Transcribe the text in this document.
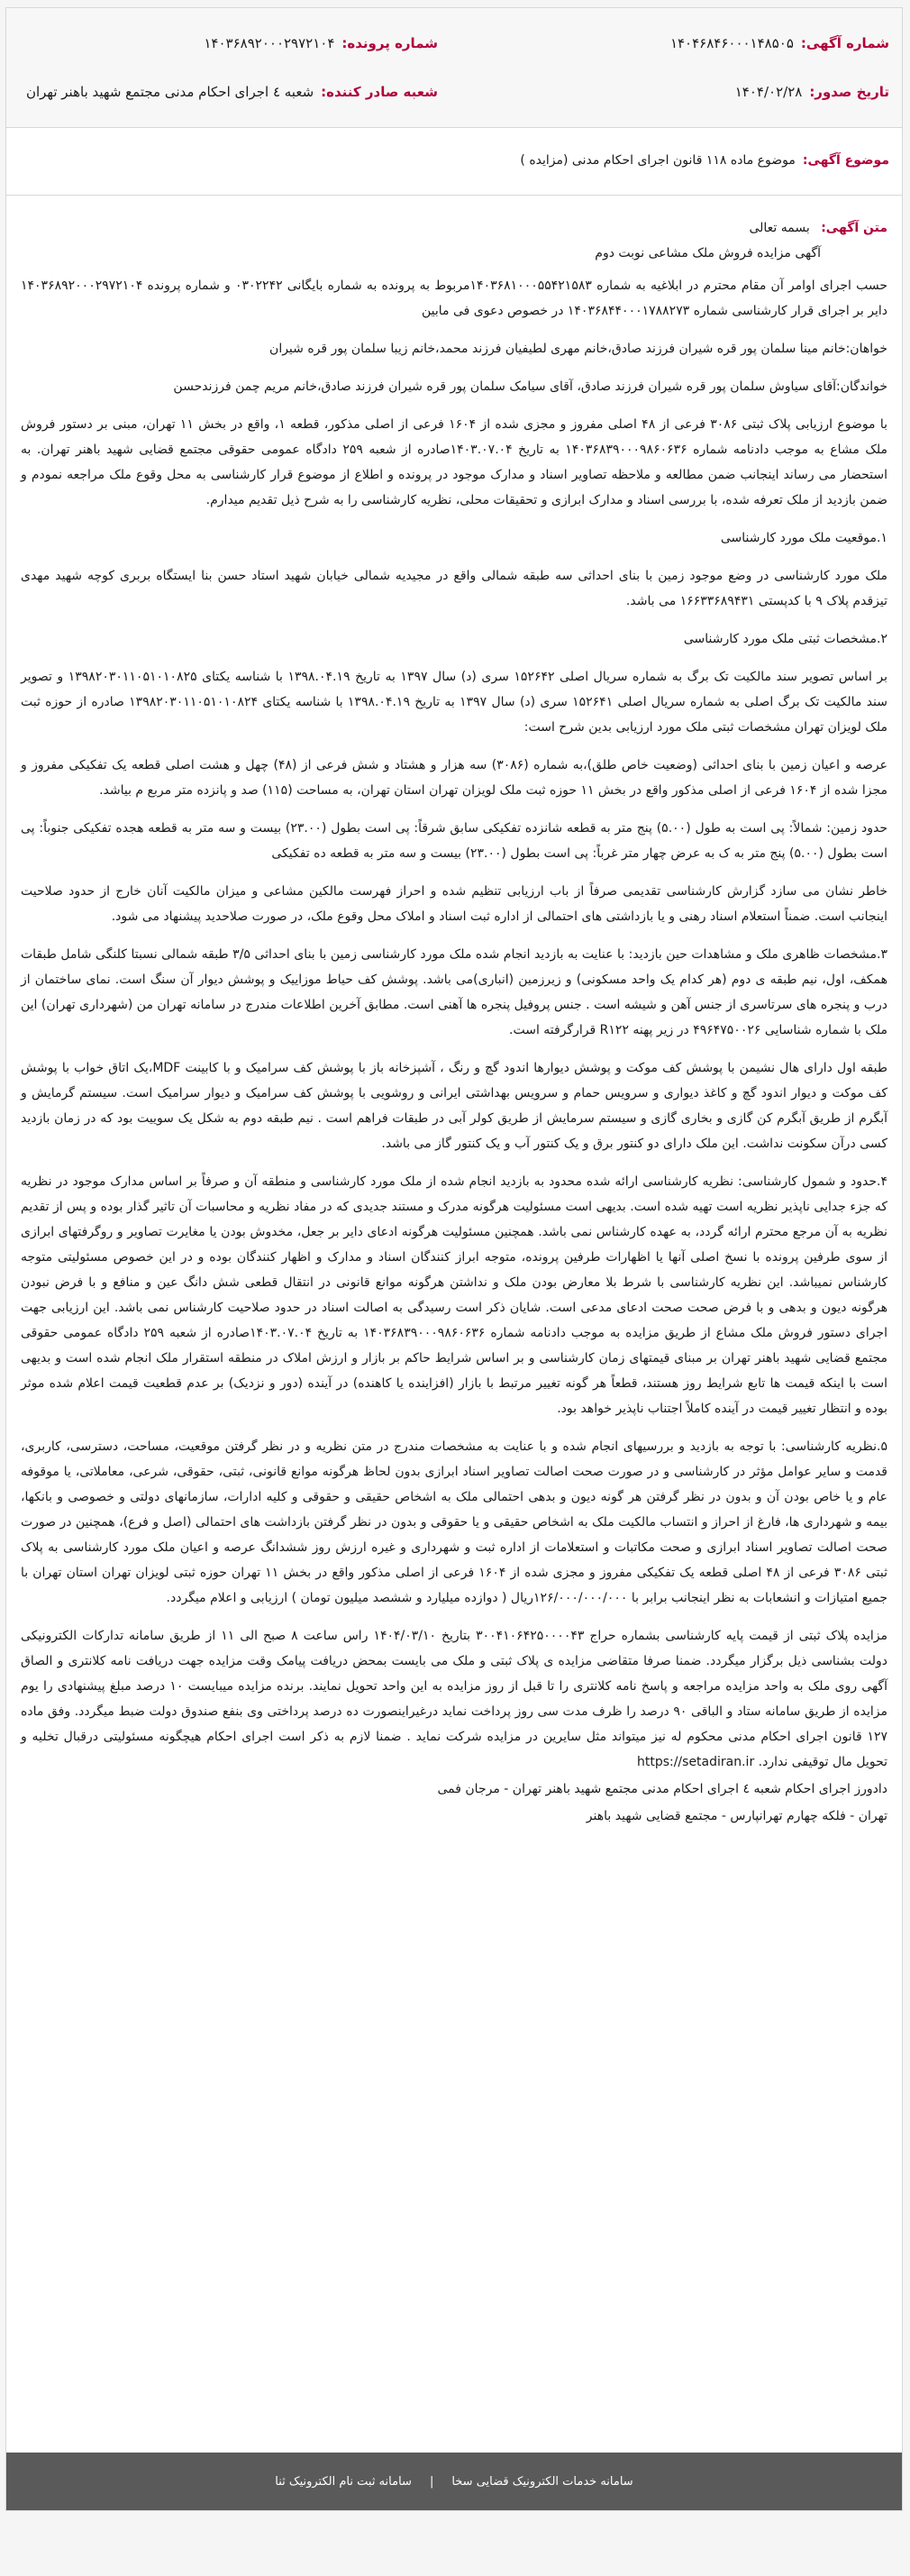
شماره آگهی:
۱۴۰۴۶۸۴۶۰۰۰۱۴۸۵۰۵
شماره پرونده:
۱۴۰۳۶۸۹۲۰۰۰۲۹۷۲۱۰۴
تاریخ صدور:
۱۴۰۴/۰۲/۲۸
شعبه صادر کننده:
شعبه ٤ اجرای احکام مدنی مجتمع شهید باهنر تهران
موضوع آگهی:
موضوع ماده ۱۱۸ قانون اجرای احکام مدنی (مزایده )

متن آگهی: بسمه تعالی

آگهی مزایده فروش ملک مشاعی نوبت دوم

حسب اجرای اوامر آن مقام محترم در ابلاغیه به شماره ۱۴۰۳۶۸۱۰۰۰۵۵۴۲۱۵۸۳مربوط به پرونده به شماره بایگانی ۰۳۰۲۲۴۲ و شماره پرونده ۱۴۰۳۶۸۹۲۰۰۰۲۹۷۲۱۰۴ دایر بر اجرای قرار کارشناسی شماره ۱۴۰۳۶۸۴۴۰۰۰۱۷۸۸۲۷۳ در خصوص دعوی فی مابین

خواهان:خانم مینا سلمان پور قره شیران فرزند صادق،خانم مهری لطیفیان فرزند محمد،خانم زیبا سلمان پور قره شیران

خواندگان:آقای سیاوش سلمان پور قره شیران فرزند صادق، آقای سیامک سلمان پور قره شیران فرزند صادق،خانم مریم چمن فرزندحسن

با موضوع ارزیابی پلاک ثبتی ۳۰۸۶ فرعی از ۴۸ اصلی مفروز و مجزی شده از ۱۶۰۴ فرعی از اصلی مذکور، قطعه ۱، واقع در بخش ۱۱ تهران، مبنی بر دستور فروش ملک مشاع به موجب دادنامه شماره ۱۴۰۳۶۸۳۹۰۰۰۹۸۶۰۶۳۶ به تاریخ ۱۴۰۳.۰۷.۰۴صادره از شعبه ۲۵۹ دادگاه عمومی حقوقی مجتمع قضایی شهید باهنر تهران. به استحضار می رساند اینجانب ضمن مطالعه و ملاحظه تصاویر اسناد و مدارک موجود در پرونده و اطلاع از موضوع قرار کارشناسی به محل وقوع ملک مراجعه نمودم و ضمن بازدید از ملک تعرفه شده، با بررسی اسناد و مدارک ابرازی و تحقیقات محلی، نظریه کارشناسی را به شرح ذیل تقدیم میدارم.

۱.موقعیت ملک مورد کارشناسی

ملک مورد کارشناسی در وضع موجود زمین با بنای احداثی سه طبقه شمالی واقع در مجیدیه شمالی خیابان شهید استاد حسن بنا ایستگاه بربری کوچه شهید مهدی تیزقدم پلاک ۹ با کدپستی ۱۶۶۳۳۶۸۹۴۳۱ می باشد.

۲.مشخصات ثبتی ملک مورد کارشناسی

بر اساس تصویر سند مالکیت تک برگ به شماره سریال اصلی ۱۵۲۶۴۲ سری (د) سال ۱۳۹۷ به تاریخ ۱۳۹۸.۰۴.۱۹ با شناسه یکتای ۱۳۹۸۲۰۳۰۱۱۰۵۱۰۱۰۸۲۵ و تصویر سند مالکیت تک برگ اصلی به شماره سریال اصلی ۱۵۲۶۴۱ سری (د) سال ۱۳۹۷ به تاریخ ۱۳۹۸.۰۴.۱۹ با شناسه یکتای ۱۳۹۸۲۰۳۰۱۱۰۵۱۰۱۰۸۲۴ صادره از حوزه ثبت ملک لویزان تهران مشخصات ثبتی ملک مورد ارزیابی بدین شرح است:

عرصه و اعیان زمین با بنای احداثی (وضعیت خاص طلق)،به شماره (۳۰۸۶) سه هزار و هشتاد و شش فرعی از (۴۸) چهل و هشت اصلی قطعه یک تفکیکی مفروز و مجزا شده از ۱۶۰۴ فرعی از اصلی مذکور واقع در بخش ۱۱ حوزه ثبت ملک لویزان تهران استان تهران، به مساحت (۱۱۵) صد و پانزده متر مربع م بیاشد.

حدود زمین: شمالاً: پی است به طول (۵.۰۰) پنج متر به قطعه شانزده تفکیکی سابق شرقاً: پی است بطول (۲۳.۰۰) بیست و سه متر به قطعه هجده تفکیکی جنوباً: پی است بطول (۵.۰۰) پنج متر به ک به عرض چهار متر غرباً: پی است بطول (۲۳.۰۰) بیست و سه متر به قطعه ده تفکیکی

خاطر نشان می سازد گزارش کارشناسی تقدیمی صرفاً از باب ارزیابی تنظیم شده و احراز فهرست مالکین مشاعی و میزان مالکیت آنان خارج از حدود صلاحیت اینجانب است. ضمناً استعلام اسناد رهنی و یا بازداشتی های احتمالی از اداره ثبت اسناد و املاک محل وقوع ملک، در صورت صلاحدید پیشنهاد می شود.

۳.مشخصات ظاهری ملک و مشاهدات حین بازدید: با عنایت به بازدید انجام شده ملک مورد کارشناسی زمین با بنای احداثی ۳/۵ طبقه شمالی نسبتا کلنگی شامل طبقات همکف، اول، نیم طبقه ی دوم (هر کدام یک واحد مسکونی) و زیرزمین (انباری)می باشد. پوشش کف حیاط موزاییک و پوشش دیوار آن سنگ است. نمای ساختمان از درب و پنجره های سرتاسری از جنس آهن و شیشه است . جنس پروفیل پنجره ها آهنی است. مطابق آخرین اطلاعات مندرج در سامانه تهران من (شهرداری تهران) این ملک با شماره شناسایی ۴۹۶۴۷۵۰۰۲۶ در زیر پهنه R۱۲۲ قرارگرفته است.

طبقه اول دارای هال نشیمن با پوشش کف موکت و پوشش دیوارها اندود گچ و رنگ ، آشپزخانه باز با پوشش کف سرامیک و با کابینت MDF،یک اتاق خواب با پوشش کف موکت و دیوار اندود گچ و کاغذ دیواری و سرویس حمام و سرویس بهداشتی ایرانی و روشویی با پوشش کف سرامیک و دیوار سرامیک است. سیستم گرمایش و آبگرم از طریق آبگرم کن گازی و بخاری گازی و سیستم سرمایش از طریق کولر آبی در طبقات فراهم است . نیم طبقه دوم به شکل یک سوییت بود که در زمان بازدید کسی درآن سکونت نداشت. این ملک دارای دو کنتور برق و یک کنتور آب و یک کنتور گاز می باشد.

۴.حدود و شمول کارشناسی: نظریه کارشناسی ارائه شده محدود به بازدید انجام شده از ملک مورد کارشناسی و منطقه آن و صرفاً بر اساس مدارک موجود در نظریه که جزء جدایی ناپذیر نظریه است تهیه شده است. بدیهی است مسئولیت هرگونه مدرک و مستند جدیدی که در مفاد نظریه و محاسبات آن تاثیر گذار بوده و پس از تقدیم نظریه به آن مرجع محترم ارائه گردد، به عهده کارشناس نمی باشد. همچنین مسئولیت هرگونه ادعای دایر بر جعل، مخدوش بودن یا مغایرت تصاویر و روگرفتهای ابرازی از سوی طرفین پرونده با نسخ اصلی آنها یا اظهارات طرفین پرونده، متوجه ابراز کنندگان اسناد و مدارک و اظهار کنندگان بوده و در این خصوص مسئولیتی متوجه کارشناس نمیباشد. این نظریه کارشناسی با شرط بلا معارض بودن ملک و نداشتن هرگونه موانع قانونی در انتقال قطعی شش دانگ عین و منافع و با فرض نبودن هرگونه دیون و بدهی و با فرض صحت صحت ادعای مدعی است. شایان ذکر است رسیدگی به اصالت اسناد در حدود صلاحیت کارشناس نمی باشد. این ارزیابی جهت اجرای دستور فروش ملک مشاع از طریق مزایده به موجب دادنامه شماره ۱۴۰۳۶۸۳۹۰۰۰۹۸۶۰۶۳۶ به تاریخ ۱۴۰۳.۰۷.۰۴صادره از شعبه ۲۵۹ دادگاه عمومی حقوقی مجتمع قضایی شهید باهنر تهران بر مبنای قیمتهای زمان کارشناسی و بر اساس شرایط حاکم بر بازار و ارزش املاک در منطقه استقرار ملک انجام شده است و بدیهی است با اینکه قیمت ها تابع شرایط روز هستند، قطعاً هر گونه تغییر مرتبط با بازار (افزاینده یا کاهنده) در آینده (دور و نزدیک) بر عدم قطعیت قیمت اعلام شده موثر بوده و انتظار تغییر قیمت در آینده کاملاً اجتناب ناپذیر خواهد بود.

۵.نظریه کارشناسی: با توجه به بازدید و بررسیهای انجام شده و با عنایت به مشخصات مندرج در متن نظریه و در نظر گرفتن موقعیت، مساحت، دسترسی، کاربری، قدمت و سایر عوامل مؤثر در کارشناسی و در صورت صحت اصالت تصاویر اسناد ابرازی بدون لحاظ هرگونه موانع قانونی، ثبتی، حقوقی، شرعی، معاملاتی، یا موقوفه عام و یا خاص بودن آن و بدون در نظر گرفتن هر گونه دیون و بدهی احتمالی ملک به اشخاص حقیقی و حقوقی و کلیه ادارات، سازمانهای دولتی و خصوصی و بانکها، بیمه و شهرداری ها، فارغ از احراز و انتساب مالکیت ملک به اشخاص حقیقی و یا حقوقی و بدون در نظر گرفتن بازداشت های احتمالی (اصل و فرع)، همچنین در صورت صحت اصالت تصاویر اسناد ابرازی و صحت مکاتبات و استعلامات از اداره ثبت و شهرداری و غیره ارزش روز ششدانگ عرصه و اعیان ملک مورد کارشناسی به پلاک ثبتی ۳۰۸۶ فرعی از ۴۸ اصلی قطعه یک تفکیکی مفروز و مجزی شده از ۱۶۰۴ فرعی از اصلی مذکور واقع در بخش ۱۱ تهران حوزه ثبتی لویزان تهران استان تهران با جمیع امتیازات و انشعابات به نظر اینجانب برابر با ۱۲۶/۰۰۰/۰۰۰/۰۰۰ریال ( دوازده میلیارد و ششصد میلیون تومان ) ارزیابی و اعلام میگردد.

مزایده پلاک ثبتی از قیمت پایه کارشناسی بشماره حراج ۳۰۰۴۱۰۶۴۲۵۰۰۰۰۴۳ بتاریخ ۱۴۰۴/۰۳/۱۰ راس ساعت ۸ صبح الی ۱۱ از طریق سامانه تدارکات الکترونیکی دولت بشناسی ذیل برگزار میگردد. ضمنا صرفا متقاضی مزایده ی پلاک ثبتی و ملک می بایست بمحض دریافت پیامک وقت مزایده جهت دریافت نامه کلانتری و الصاق آگهی روی ملک به واحد مزایده مراجعه و پاسخ نامه کلانتری را تا قبل از روز مزایده به این واحد تحویل نمایند. برنده مزایده میبایست ۱۰ درصد مبلغ پیشنهادی را یوم مزایده از طریق سامانه ستاد و الباقی ۹۰ درصد را ظرف مدت سی روز پرداخت نماید درغیراینصورت ده درصد پرداختی وی بنفع صندوق دولت ضبط میگردد. وفق ماده ۱۲۷ قانون اجرای احکام مدنی محکوم له نیز میتواند مثل سایرین در مزایده شرکت نماید . ضمنا لازم به ذکر است اجرای احکام هیچگونه مسئولیتی درقبال تخلیه و تحویل مال توقیفی ندارد. https://setadiran.ir

دادورز اجرای احکام شعبه ٤ اجرای احکام مدنی مجتمع شهید باهنر تهران - مرجان فمی

تهران - فلکه چهارم تهرانپارس - مجتمع قضایی شهید باهنر

سامانه خدمات الکترونیک قضایی سخا
|
سامانه ثبت نام الکترونیک ثنا
